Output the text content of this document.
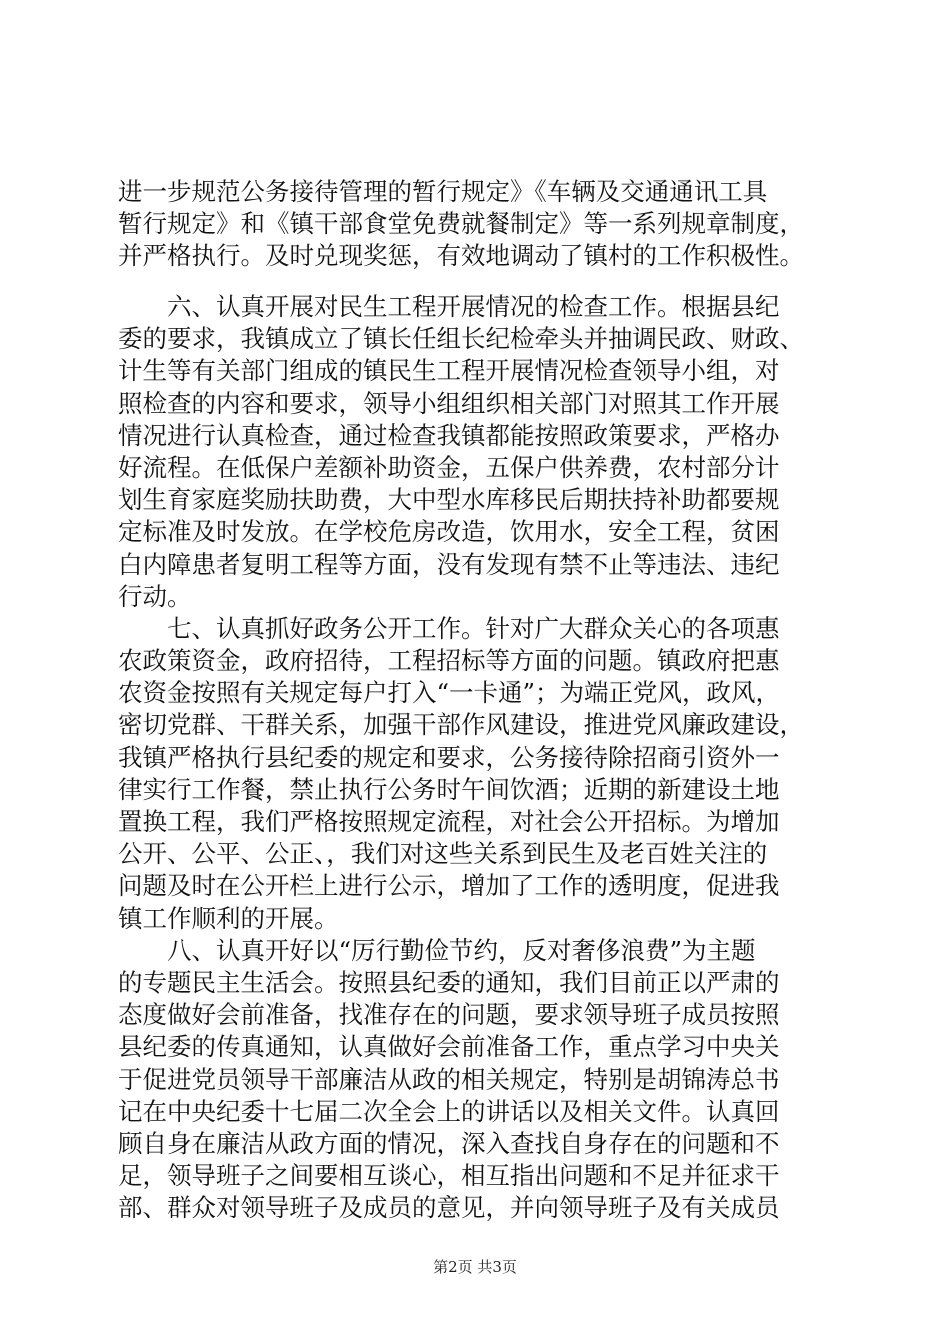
进一步规范公务接待管理的暂行规定》《车辆及交通通讯工具
暂行规定》和《镇干部食堂免费就餐制定》等一系列规章制度，
并严格执行。及时兑现奖惩，有效地调动了镇村的工作积极性。
六、认真开展对民生工程开展情况的检查工作。根据县纪
委的要求，我镇成立了镇长任组长纪检牵头并抽调民政、财政、
计生等有关部门组成的镇民生工程开展情况检查领导小组，对
照检查的内容和要求，领导小组组织相关部门对照其工作开展
情况进行认真检查，通过检查我镇都能按照政策要求，严格办
好流程。在低保户差额补助资金，五保户供养费，农村部分计
划生育家庭奖励扶助费，大中型水库移民后期扶持补助都要规
定标准及时发放。在学校危房改造，饮用水，安全工程，贫困
白内障患者复明工程等方面，没有发现有禁不止等违法、违纪
行动。
七、认真抓好政务公开工作。针对广大群众关心的各项惠
农政策资金，政府招待，工程招标等方面的问题。镇政府把惠
农资金按照有关规定每户打入“一卡通”；为端正党风，政风，
密切党群、干群关系，加强干部作风建设，推进党风廉政建设，
我镇严格执行县纪委的规定和要求，公务接待除招商引资外一
律实行工作餐，禁止执行公务时午间饮酒；近期的新建设土地
置换工程，我们严格按照规定流程，对社会公开招标。为增加
公开、公平、公正、，我们对这些关系到民生及老百姓关注的
问题及时在公开栏上进行公示，增加了工作的透明度，促进我
镇工作顺利的开展。
八、认真开好以“厉行勤俭节约，反对奢侈浪费”为主题
的专题民主生活会。按照县纪委的通知，我们目前正以严肃的
态度做好会前准备，找准存在的问题，要求领导班子成员按照
县纪委的传真通知，认真做好会前准备工作，重点学习中央关
于促进党员领导干部廉洁从政的相关规定，特别是胡锦涛总书
记在中央纪委十七届二次全会上的讲话以及相关文件。认真回
顾自身在廉洁从政方面的情况，深入查找自身存在的问题和不
足，领导班子之间要相互谈心，相互指出问题和不足并征求干
部、群众对领导班子及成员的意见，并向领导班子及有关成员
第2页 共3页
